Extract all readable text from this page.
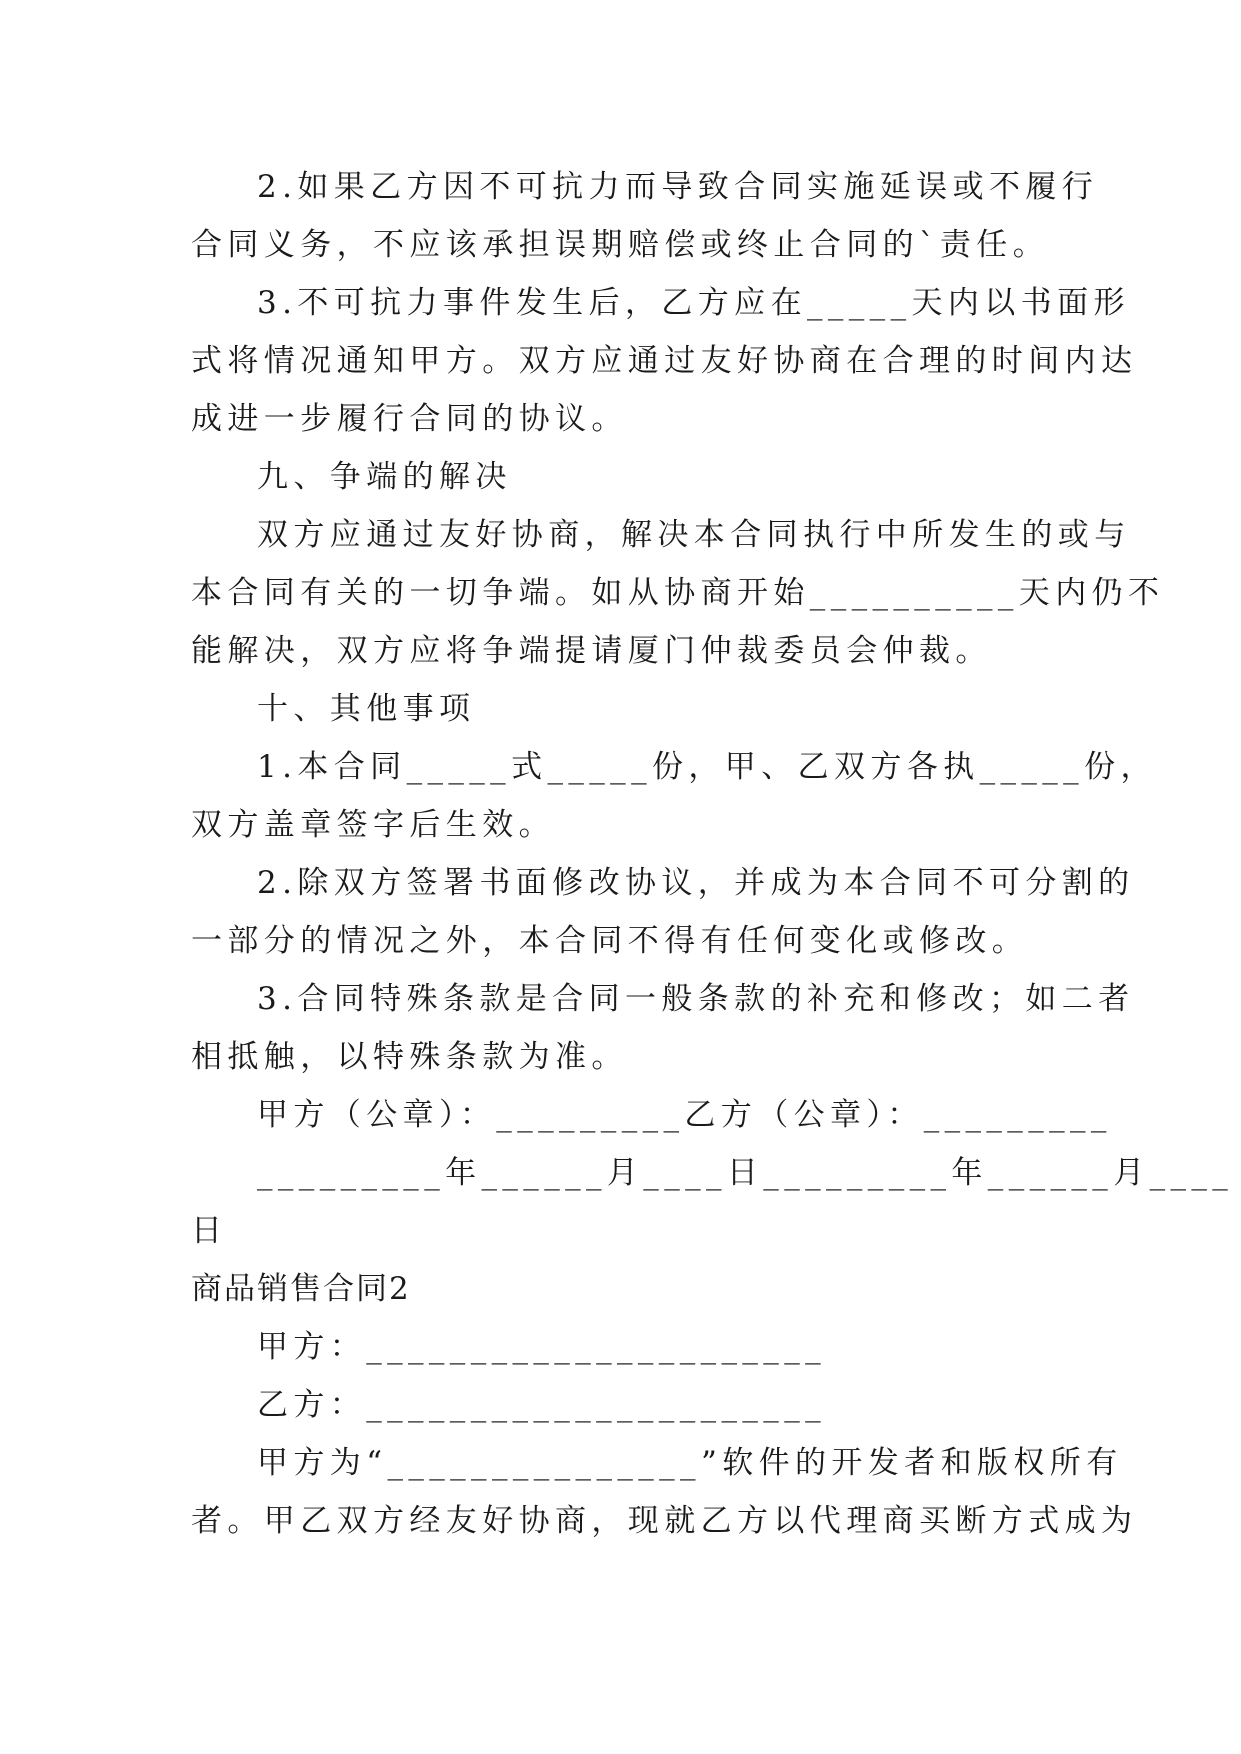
2.如果乙方因不可抗力而导致合同实施延误或不履行
合同义务，不应该承担误期赔偿或终止合同的`责任。
3.不可抗力事件发生后，乙方应在_____天内以书面形
式将情况通知甲方。双方应通过友好协商在合理的时间内达
成进一步履行合同的协议。
九、争端的解决
双方应通过友好协商，解决本合同执行中所发生的或与
本合同有关的一切争端。如从协商开始__________天内仍不
能解决，双方应将争端提请厦门仲裁委员会仲裁。
十、其他事项
1.本合同_____式_____份，甲、乙双方各执_____份，
双方盖章签字后生效。
2.除双方签署书面修改协议，并成为本合同不可分割的
一部分的情况之外，本合同不得有任何变化或修改。
3.合同特殊条款是合同一般条款的补充和修改；如二者
相抵触，以特殊条款为准。
甲方（公章）：_________乙方（公章）：_________
_________年______月____日_________年______月____
日
商品销售合同2
甲方：______________________
乙方：______________________
甲方为“_______________”软件的开发者和版权所有
者。甲乙双方经友好协商，现就乙方以代理商买断方式成为
